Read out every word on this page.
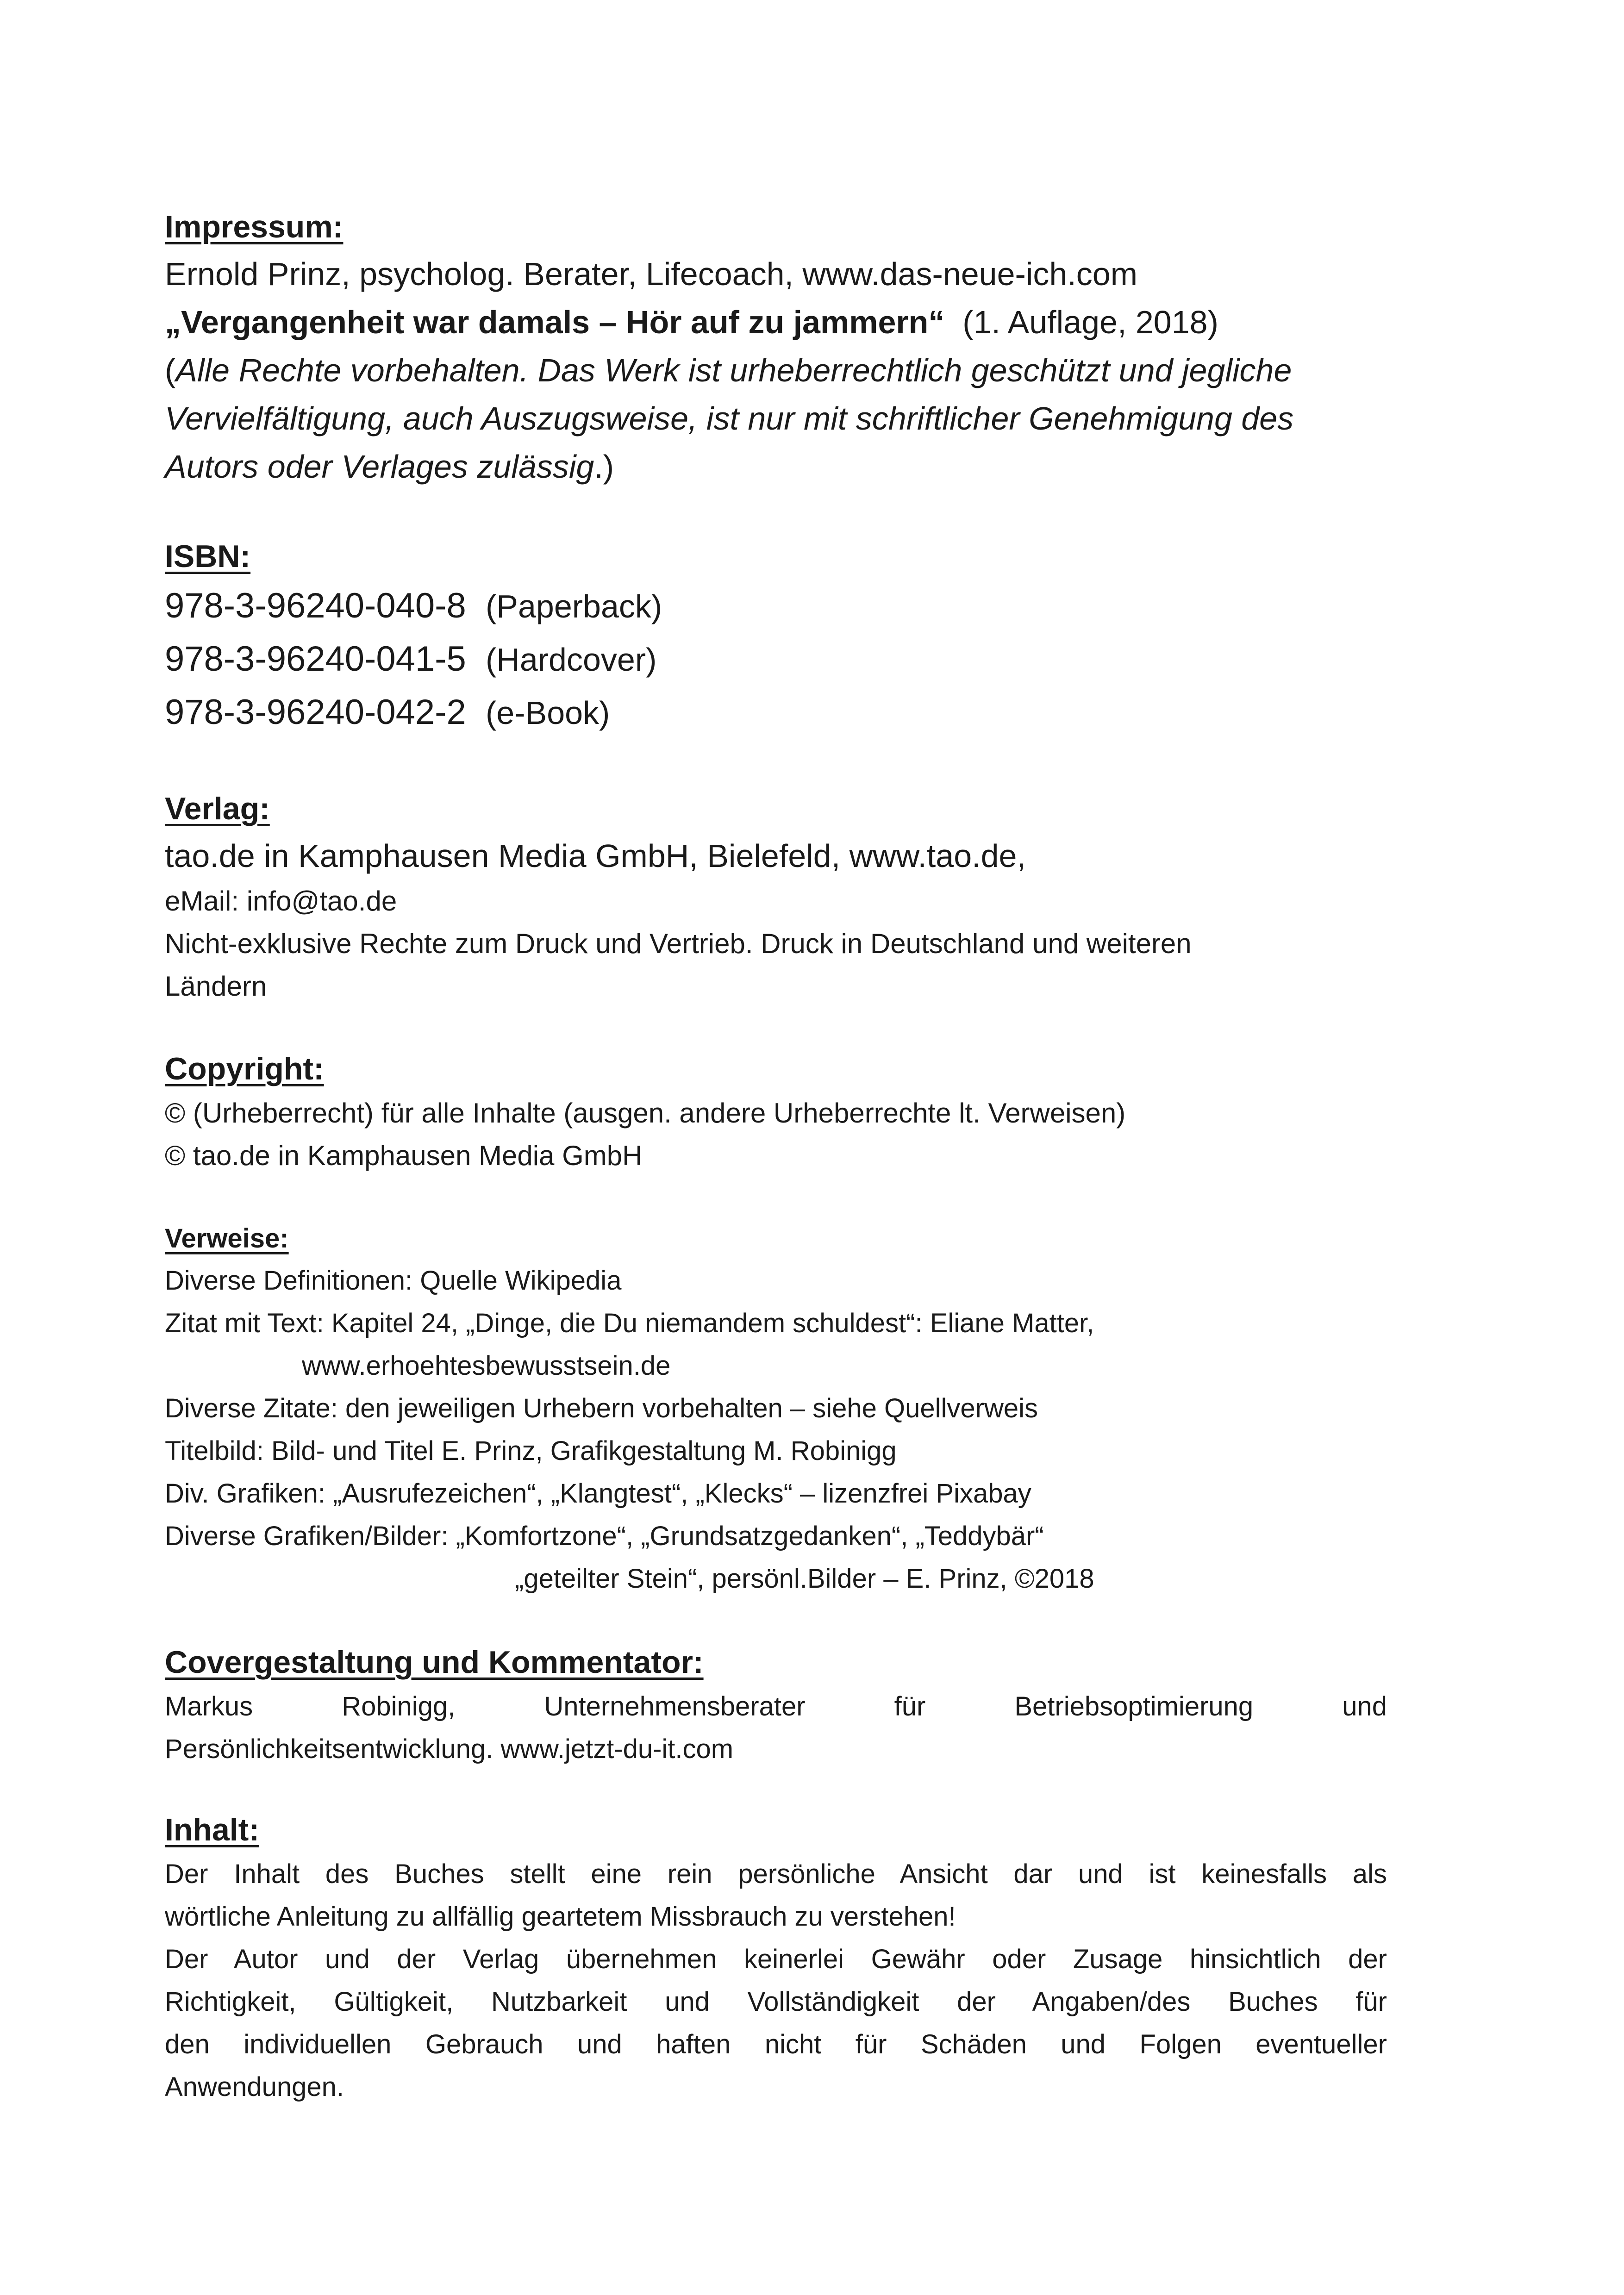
Impressum:

Ernold Prinz, psycholog. Berater, Lifecoach, www.das-neue-ich.com

„Vergangenheit war damals – Hör auf zu jammern“ (1. Auflage, 2018)

(Alle Rechte vorbehalten. Das Werk ist urheberrechtlich geschützt und jegliche

Vervielfältigung, auch Auszugsweise, ist nur mit schriftlicher Genehmigung des

Autors oder Verlages zulässig.)

ISBN:

978-3-96240-040-8 (Paperback)

978-3-96240-041-5 (Hardcover)

978-3-96240-042-2 (e-Book)

Verlag:

tao.de in Kamphausen Media GmbH, Bielefeld, www.tao.de,

eMail: info@tao.de

Nicht-exklusive Rechte zum Druck und Vertrieb. Druck in Deutschland und weiteren

Ländern

Copyright:

© (Urheberrecht) für alle Inhalte (ausgen. andere Urheberrechte lt. Verweisen)

© tao.de in Kamphausen Media GmbH

Verweise:

Diverse Definitionen: Quelle Wikipedia

Zitat mit Text: Kapitel 24, „Dinge, die Du niemandem schuldest“: Eliane Matter,

www.erhoehtesbewusstsein.de

Diverse Zitate: den jeweiligen Urhebern vorbehalten – siehe Quellverweis

Titelbild: Bild- und Titel E. Prinz, Grafikgestaltung M. Robinigg

Div. Grafiken: „Ausrufezeichen“, „Klangtest“, „Klecks“ – lizenzfrei Pixabay

Diverse Grafiken/Bilder: „Komfortzone“, „Grundsatzgedanken“, „Teddybär“

„geteilter Stein“, persönl.Bilder – E. Prinz, ©2018

Covergestaltung und Kommentator:

Markus Robinigg, Unternehmensberater für Betriebsoptimierung und

Persönlichkeitsentwicklung. www.jetzt-du-it.com

Inhalt:

Der Inhalt des Buches stellt eine rein persönliche Ansicht dar und ist keinesfalls als

wörtliche Anleitung zu allfällig geartetem Missbrauch zu verstehen!

Der Autor und der Verlag übernehmen keinerlei Gewähr oder Zusage hinsichtlich der

Richtigkeit, Gültigkeit, Nutzbarkeit und Vollständigkeit der Angaben/des Buches für

den individuellen Gebrauch und haften nicht für Schäden und Folgen eventueller

Anwendungen.
